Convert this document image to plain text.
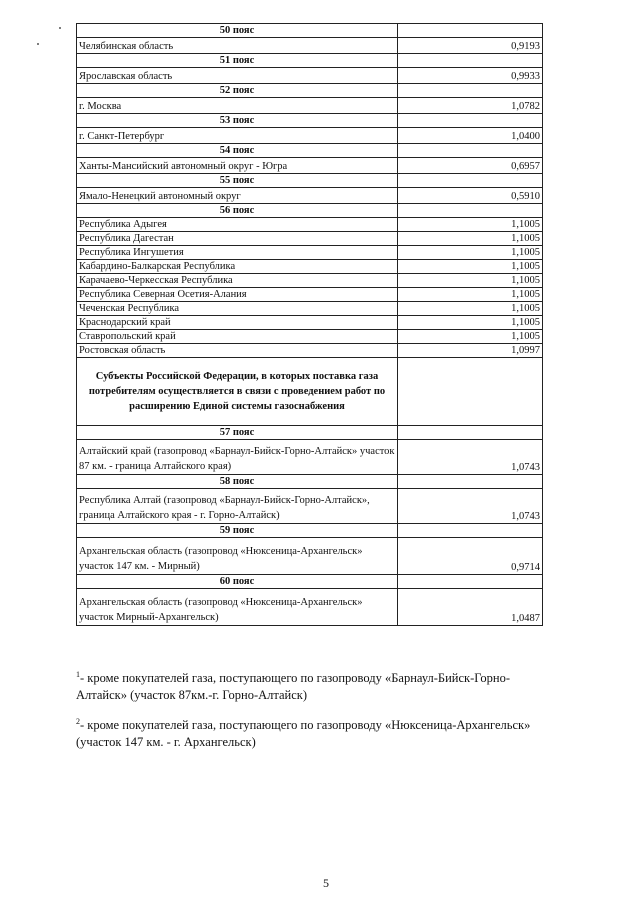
50 пояс	
Челябинская область	0,9193
51 пояс	
Ярославская область	0,9933
52 пояс	
г. Москва	1,0782
53 пояс	
г. Санкт-Петербург	1,0400
54 пояс	
Ханты-Мансийский автономный округ - Югра	0,6957
55 пояс	
Ямало-Ненецкий автономный округ	0,5910
56 пояс	
Республика Адыгея	1,1005
Республика Дагестан	1,1005
Республика Ингушетия	1,1005
Кабардино-Балкарская Республика	1,1005
Карачаево-Черкесская Республика	1,1005
Республика Северная Осетия-Алания	1,1005
Чеченская Республика	1,1005
Краснодарский край	1,1005
Ставропольский край	1,1005
Ростовская область	1,0997
Субъекты Российской Федерации, в которых поставка газа потребителям осуществляется в связи с проведением работ по расширению Единой системы газоснабжения	
57 пояс	
Алтайский край (газопровод «Барнаул-Бийск-Горно-Алтайск» участок 87 км. - граница Алтайского края)	1,0743
58 пояс	
Республика Алтай (газопровод «Барнаул-Бийск-Горно-Алтайск», граница Алтайского края - г. Горно-Алтайск)	1,0743
59 пояс	
Архангельская область (газопровод «Нюксеница-Архангельск» участок 147 км. - Мирный)	0,9714
60 пояс	
Архангельская область (газопровод «Нюксеница-Архангельск» участок Мирный-Архангельск)	1,0487

$^1$- кроме покупателей газа, поступающего по газопроводу «Барнаул-Бийск-Горно-Алтайск» (участок 87км.-г. Горно-Алтайск)

$^2$- кроме покупателей газа, поступающего по газопроводу «Нюксеница-Архангельск» (участок 147 км. - г. Архангельск)

5
